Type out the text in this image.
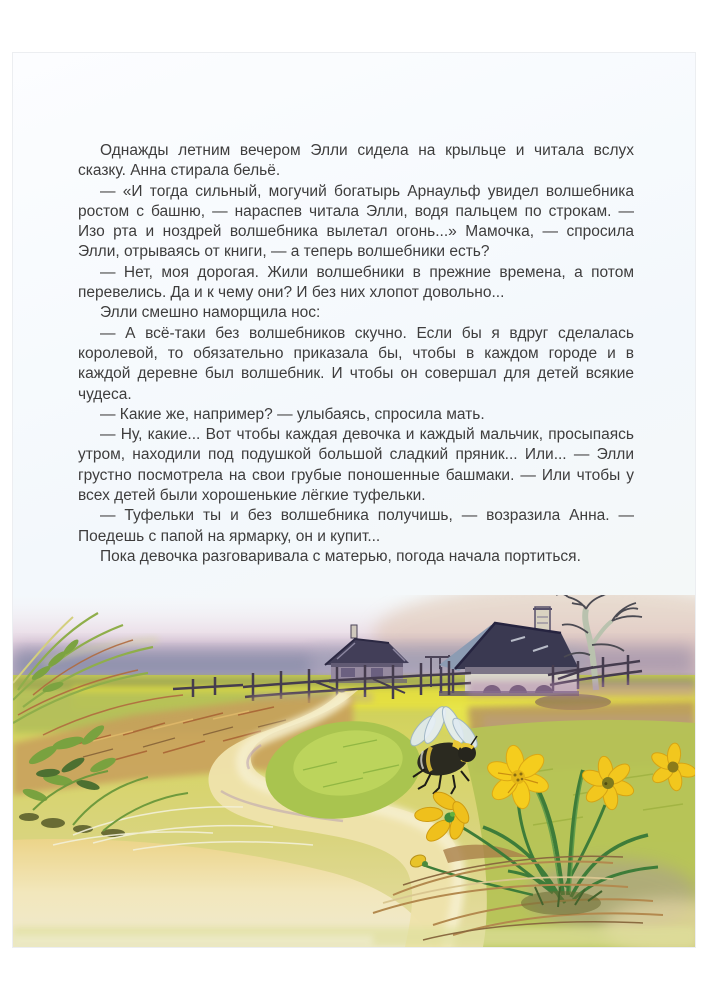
Однажды летним вечером Элли сидела на крыльце и читала вслух сказку. Анна стирала бельё.

— «И тогда сильный, могучий богатырь Арнаульф увидел волшебника ростом с башню, — нараспев читала Элли, водя пальцем по строкам. — Изо рта и ноздрей волшебника вылетал огонь...» Мамочка, — спросила Элли, отрываясь от книги, — а теперь волшебники есть?

— Нет, моя дорогая. Жили волшебники в прежние времена, а потом перевелись. Да и к чему они? И без них хлопот довольно...

Элли смешно наморщила нос:

— А всё-таки без волшебников скучно. Если бы я вдруг сделалась королевой, то обязательно приказала бы, чтобы в каждом городе и в каждой деревне был волшебник. И чтобы он совершал для детей всякие чудеса.

— Какие же, например? — улыбаясь, спросила мать.

— Ну, какие... Вот чтобы каждая девочка и каждый мальчик, просыпаясь утром, находили под подушкой большой сладкий пряник... Или... — Элли грустно посмотрела на свои грубые поношенные башмаки. — Или чтобы у всех детей были хорошенькие лёгкие туфельки.

— Туфельки ты и без волшебника получишь, — возразила Анна. — Поедешь с папой на ярмарку, он и купит...

Пока девочка разговаривала с матерью, погода начала портиться.
